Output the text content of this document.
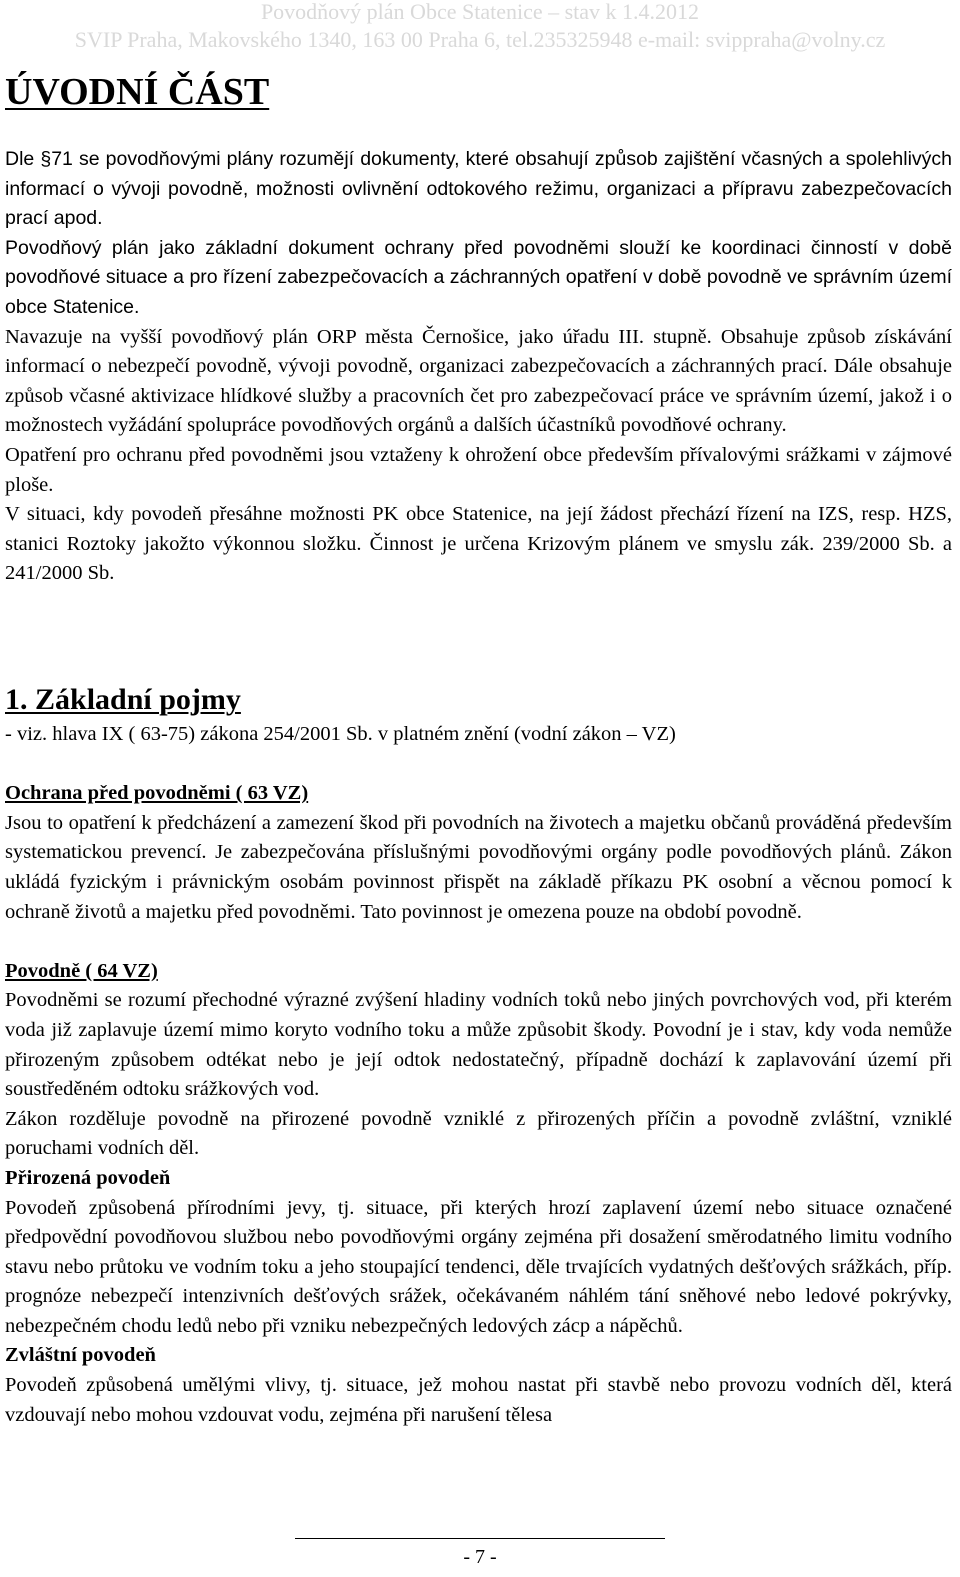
Povodňový plán Obce Statenice – stav k 1.4.2012
SVIP Praha, Makovského 1340, 163 00 Praha 6, tel.235325948 e-mail: svippraha@volny.cz
ÚVODNÍ ČÁST

Dle §71 se povodňovými plány rozumějí dokumenty, které obsahují způsob zajištění včasných a spolehlivých informací o vývoji povodně, možnosti ovlivnění odtokového režimu, organizaci a přípravu zabezpečovacích prací apod.

Povodňový plán jako základní dokument ochrany před povodněmi slouží ke koordinaci činností v době povodňové situace a pro řízení zabezpečovacích a záchranných opatření v době povodně ve správním území obce Statenice.

Navazuje na vyšší povodňový plán ORP města Černošice, jako úřadu III. stupně. Obsahuje způsob získávání informací o nebezpečí povodně, vývoji povodně, organizaci zabezpečovacích a záchranných prací. Dále obsahuje způsob včasné aktivizace hlídkové služby a pracovních čet pro zabezpečovací práce ve správním území, jakož i o možnostech vyžádání spolupráce povodňových orgánů a dalších účastníků povodňové ochrany.

Opatření pro ochranu před povodněmi jsou vztaženy k ohrožení obce především přívalovými srážkami v zájmové ploše.

V situaci, kdy povodeň přesáhne možnosti PK obce Statenice, na její žádost přechází řízení na IZS, resp. HZS, stanici Roztoky jakožto výkonnou složku. Činnost je určena Krizovým plánem ve smyslu zák. 239/2000 Sb. a 241/2000 Sb.

1. Základní pojmy

- viz. hlava IX ( 63-75) zákona 254/2001 Sb. v platném znění (vodní zákon – VZ)

Ochrana před povodněmi ( 63 VZ)

Jsou to opatření k předcházení a zamezení škod při povodních na životech a majetku občanů prováděná především systematickou prevencí. Je zabezpečována příslušnými povodňovými orgány podle povodňových plánů. Zákon ukládá fyzickým i právnickým osobám povinnost přispět na základě příkazu PK osobní a věcnou pomocí k ochraně životů a majetku před povodněmi. Tato povinnost je omezena pouze na období povodně.

Povodně ( 64 VZ)

Povodněmi se rozumí přechodné výrazné zvýšení hladiny vodních toků nebo jiných povrchových vod, při kterém voda již zaplavuje území mimo koryto vodního toku a může způsobit škody. Povodní je i stav, kdy voda nemůže přirozeným způsobem odtékat nebo je její odtok nedostatečný, případně dochází k zaplavování území při soustředěném odtoku srážkových vod.

Zákon rozděluje povodně na přirozené povodně vzniklé z přirozených příčin a povodně zvláštní, vzniklé poruchami vodních děl.

Přirozená povodeň

Povodeň způsobená přírodními jevy, tj. situace, při kterých hrozí zaplavení území nebo situace označené předpovědní povodňovou službou nebo povodňovými orgány zejména při dosažení směrodatného limitu vodního stavu nebo průtoku ve vodním toku a jeho stoupající tendenci, děle trvajících vydatných dešťových srážkách, příp. prognóze nebezpečí intenzivních dešťových srážek, očekávaném náhlém tání sněhové nebo ledové pokrývky, nebezpečném chodu ledů nebo při vzniku nebezpečných ledových zácp a nápěchů.

Zvláštní povodeň

Povodeň způsobená umělými vlivy, tj. situace, jež mohou nastat při stavbě nebo provozu vodních děl, která vzdouvají nebo mohou vzdouvat vodu, zejména při narušení tělesa

- 7 -
